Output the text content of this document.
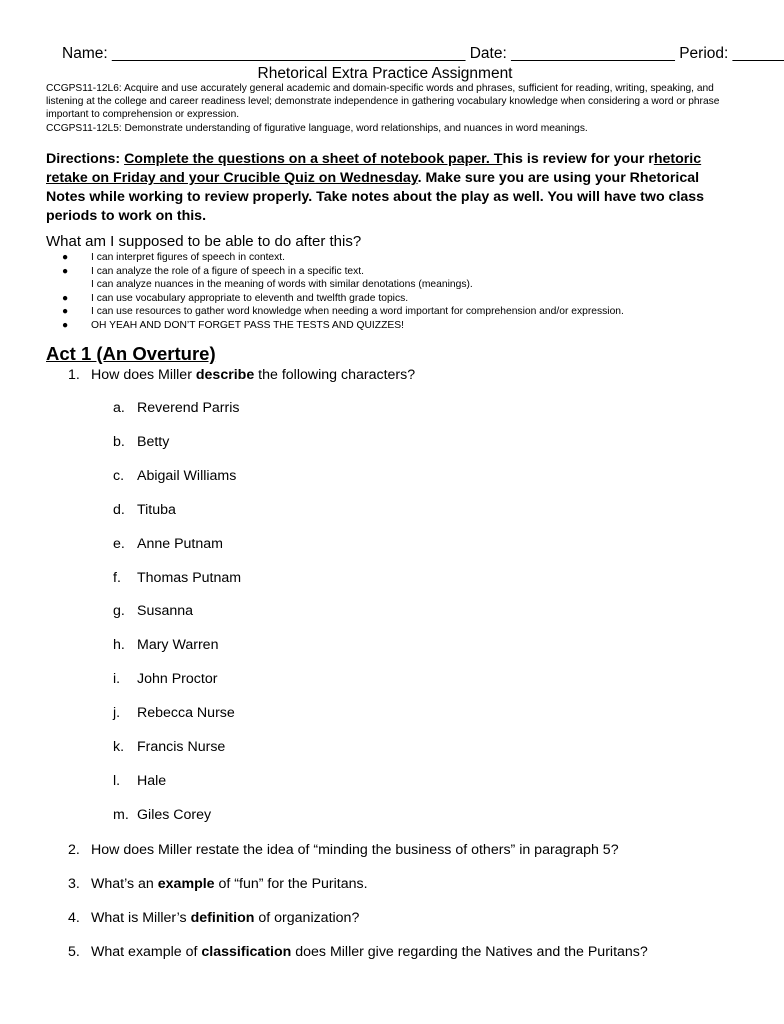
Name: _________________________________________ Date: ___________________ Period: ______
Rhetorical Extra Practice Assignment

CCGPS11-12L6: Acquire and use accurately general academic and domain-specific words and phrases, sufficient for reading, writing, speaking, and listening at the college and career readiness level; demonstrate independence in gathering vocabulary knowledge when considering a word or phrase important to comprehension or expression.

CCGPS11-12L5: Demonstrate understanding of figurative language, word relationships, and nuances in word meanings.

Directions: Complete the questions on a sheet of notebook paper. This is review for your rhetoric retake on Friday and your Crucible Quiz on Wednesday. Make sure you are using your Rhetorical Notes while working to review properly. Take notes about the play as well. You will have two class periods to work on this.
What am I supposed to be able to do after this?
● I can interpret figures of speech in context.
● I can analyze the role of a figure of speech in a specific text.
I can analyze nuances in the meaning of words with similar denotations (meanings).
● I can use vocabulary appropriate to eleventh and twelfth grade topics.
● I can use resources to gather word knowledge when needing a word important for comprehension and/or expression.
● OH YEAH AND DON’T FORGET PASS THE TESTS AND QUIZZES!
Act 1 (An Overture)
1. How does Miller describe the following characters?
a. Reverend Parris
b. Betty
c. Abigail Williams
d. Tituba
e. Anne Putnam
f. Thomas Putnam
g. Susanna
h. Mary Warren
i. John Proctor
j. Rebecca Nurse
k. Francis Nurse
l. Hale
m. Giles Corey
2. How does Miller restate the idea of “minding the business of others” in paragraph 5?
3. What’s an example of “fun” for the Puritans.
4. What is Miller’s definition of organization?
5. What example of classification does Miller give regarding the Natives and the Puritans?
